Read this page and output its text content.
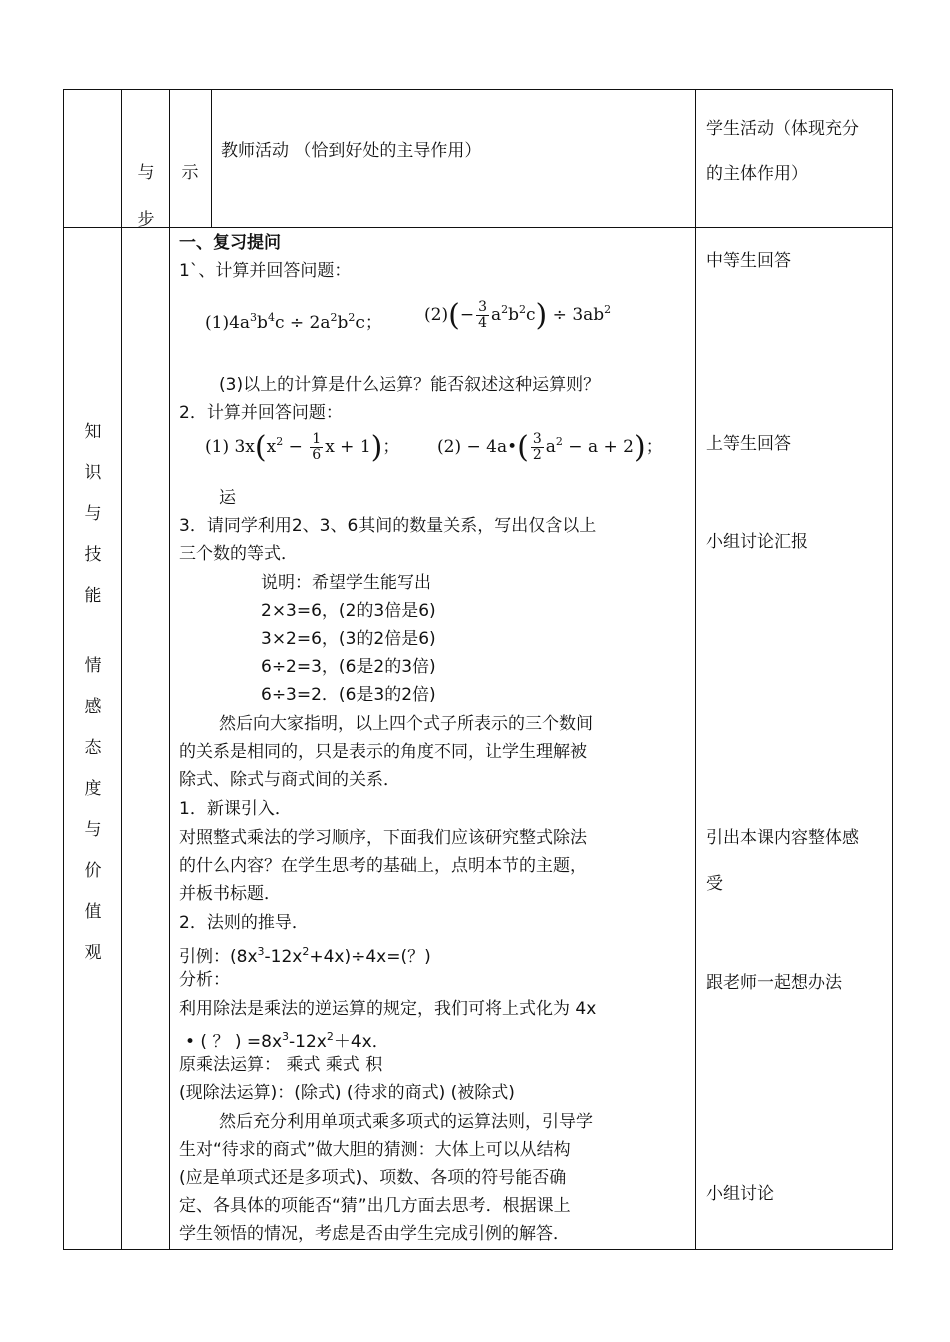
与
步
示
教师活动 （恰到好处的主导作用）
学生活动（体现充分
的主体作用）
知
识
与
技
能
情
感
态
度
与
价
值
观
一、复习提问
1`、计算并回答问题：
$(1)4a^3b^4c \div 2a^2b^2c$； $(2)(- \frac{3}{4} a^2b^2c) \div 3ab^2$
(3)以上的计算是什么运算？能否叙述这种运算则？
2．计算并回答问题：
(1) $3x(x^2 - \frac{1}{6}$ x + 1)； (2) − 4a•( $\frac{3}{2} a^2 - a + 2$)；
运
3．请同学利用2、3、6其间的数量关系，写出仅含以上
三个数的等式．
说明：希望学生能写出
2×3=6，(2的3倍是6)
3×2=6，(3的2倍是6)
6÷2=3，(6是2的3倍)
6÷3=2．(6是3的2倍)
然后向大家指明，以上四个式子所表示的三个数间
的关系是相同的，只是表示的角度不同，让学生理解被
除式、除式与商式间的关系．
1．新课引入．
对照整式乘法的学习顺序，下面我们应该研究整式除法
的什么内容？在学生思考的基础上，点明本节的主题，
并板书标题．
2．法则的推导．
引例：$(8x^3-12x^2+4x)\div 4x=$(？)
分析：
利用除法是乘法的逆运算的规定，我们可将上式化为 4x
• ( ？ ) $=8x^3-12x^2+4x$．
原乘法运算： 乘式 乘式 积
(现除法运算)：(除式) (待求的商式) (被除式)
然后充分利用单项式乘多项式的运算法则，引导学
生对“待求的商式”做大胆的猜测：大体上可以从结构
(应是单项式还是多项式)、项数、各项的符号能否确
定、各具体的项能否“猜”出几方面去思考．根据课上
学生领悟的情况，考虑是否由学生完成引例的解答．
中等生回答
上等生回答
小组讨论汇报
引出本课内容整体感
受
跟老师一起想办法
小组讨论
